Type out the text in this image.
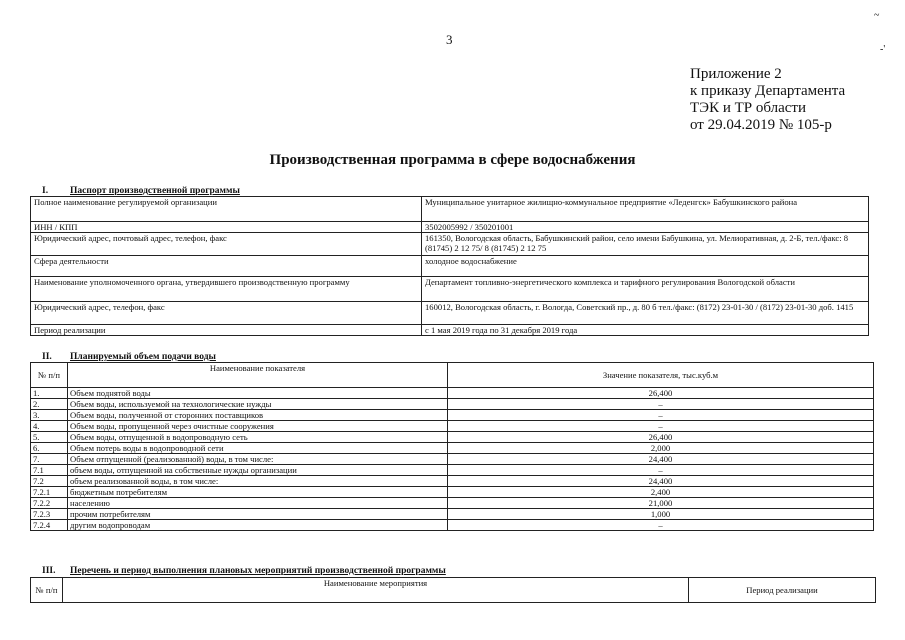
3
~
-'
Приложение 2
к приказу Департамента
ТЭК и ТР области
от 29.04.2019 № 105-р
Производственная программа в сфере водоснабжения
I. Паспорт производственной программы
Полное наименование регулируемой организации	Муниципальное унитарное жилищно-коммунальное предприятие «Леденгск» Бабушкинского района
ИНН / КПП	3502005992 / 350201001
Юридический адрес, почтовый адрес, телефон, факс	161350, Вологодская область, Бабушкинский район, село имени Бабушкина, ул. Мелиоративная, д. 2-Б, тел./факс: 8 (81745) 2 12 75/ 8 (81745) 2 12 75
Сфера деятельности	холодное водоснабжение
Наименование уполномоченного органа, утвердившего производственную программу	Департамент топливно-энергетического комплекса и тарифного регулирования Вологодской области
Юридический адрес, телефон, факс	160012, Вологодская область, г. Вологда, Советский пр., д. 80 б тел./факс: (8172) 23-01-30 / (8172) 23-01-30 доб. 1415
Период реализации	с 1 мая 2019 года по 31 декабря 2019 года
II. Планируемый объем подачи воды
№ п/п	Наименование показателя	Значение показателя, тыс.куб.м
1.	Объем поднятой воды	26,400
2.	Объем воды, используемой на технологические нужды	–
3.	Объем воды, полученной от сторонних поставщиков	–
4.	Объем воды, пропущенной через очистные сооружения	–
5.	Объем воды, отпущенной в водопроводную сеть	26,400
6.	Объем потерь воды в водопроводной сети	2,000
7.	Объем отпущенной (реализованной) воды, в том числе:	24,400
7.1	объем воды, отпущенной на собственные нужды организации	–
7.2	объем реализованной воды, в том числе:	24,400
7.2.1	бюджетным потребителям	2,400
7.2.2	населению	21,000
7.2.3	прочим потребителям	1,000
7.2.4	другим водопроводам	–
III. Перечень и период выполнения плановых мероприятий производственной программы
№ п/п	Наименование мероприятия	Период реализации
